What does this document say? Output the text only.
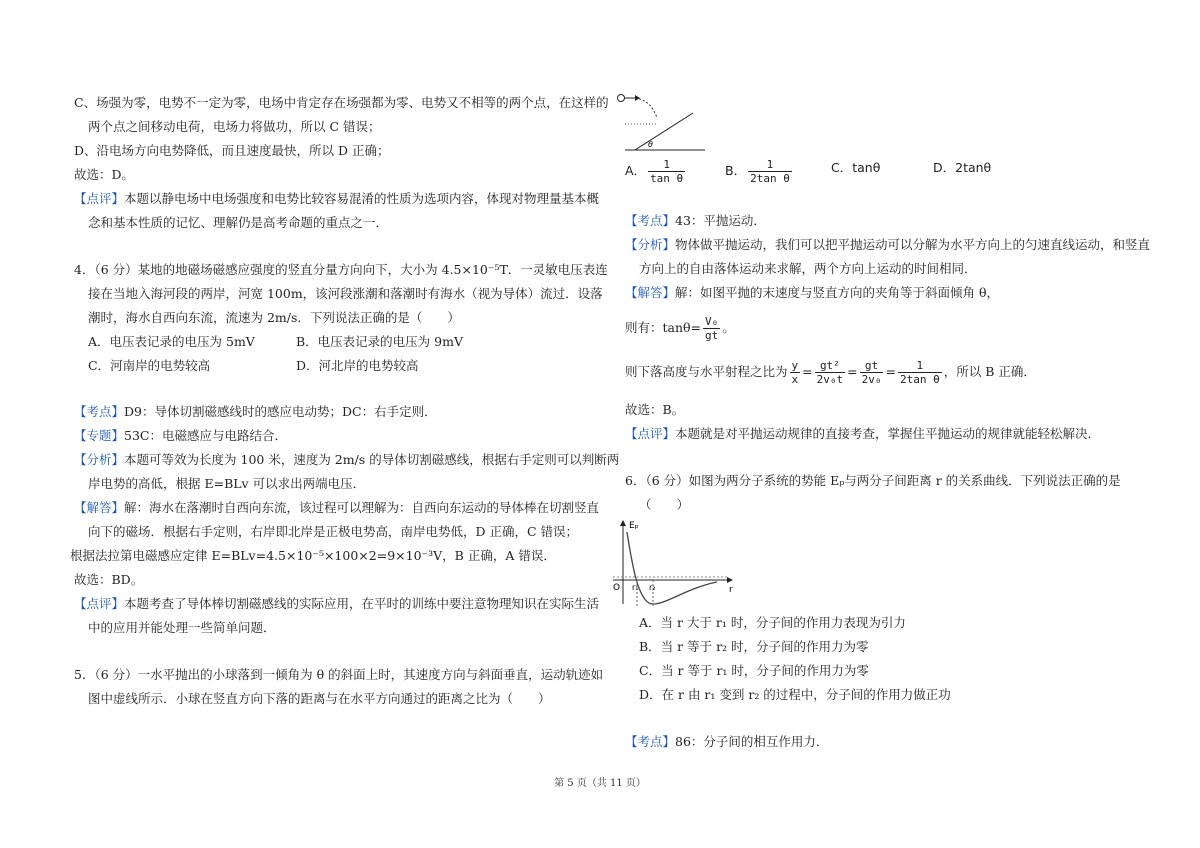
C、场强为零，电势不一定为零，电场中肯定存在场强都为零、电势又不相等的两个点，在这样的
两个点之间移动电荷，电场力将做功，所以 C 错误；
D、沿电场方向电势降低，而且速度最快，所以 D 正确；
故选：D。
【点评】本题以静电场中电场强度和电势比较容易混淆的性质为选项内容，体现对物理量基本概
念和基本性质的记忆、理解仍是高考命题的重点之一．
4．（6 分）某地的地磁场磁感应强度的竖直分量方向向下，大小为 4.5×10⁻⁵T．一灵敏电压表连
接在当地入海河段的两岸，河宽 100m，该河段涨潮和落潮时有海水（视为导体）流过．设落
潮时，海水自西向东流，流速为 2m/s．下列说法正确的是（　　）
A．电压表记录的电压为 5mV	B．电压表记录的电压为 9mV
C．河南岸的电势较高	D．河北岸的电势较高
【考点】D9：导体切割磁感线时的感应电动势；DC：右手定则．
【专题】53C：电磁感应与电路结合．
【分析】本题可等效为长度为 100 米，速度为 2m/s 的导体切割磁感线，根据右手定则可以判断两
岸电势的高低，根据 E=BLv 可以求出两端电压．
【解答】解：海水在落潮时自西向东流，该过程可以理解为：自西向东运动的导体棒在切割竖直
向下的磁场．根据右手定则，右岸即北岸是正极电势高，南岸电势低，D 正确，C 错误；
根据法拉第电磁感应定律 E=BLv=4.5×10⁻⁵×100×2=9×10⁻³V，B 正确，A 错误．
故选：BD。
【点评】本题考查了导体棒切割磁感线的实际应用，在平时的训练中要注意物理知识在实际生活
中的应用并能处理一些简单问题．
5．（6 分）一水平抛出的小球落到一倾角为 θ 的斜面上时，其速度方向与斜面垂直，运动轨迹如
图中虚线所示．小球在竖直方向下落的距离与在水平方向通过的距离之比为（　　）
θ
A． $\frac{1}{\text{tan θ}}$	B． $\frac{1}{\text{2tan θ}}$	C．tanθ	D．2tanθ
【考点】43：平抛运动．
【分析】物体做平抛运动，我们可以把平抛运动可以分解为水平方向上的匀速直线运动，和竖直
方向上的自由落体运动来求解，两个方向上运动的时间相同．
【解答】解：如图平抛的末速度与竖直方向的夹角等于斜面倾角 θ，
则有：$\tan\theta= \frac{\text{V₀}}{gt}$ 。
则下落高度与水平射程之比为 $\frac{y}{x} = \frac{\text{gt²}}{\text{2v₀t}} = \frac{gt}{\text{2v₀}} = \frac{1}{\text{2tan θ}}$ ，所以 B 正确．
故选：B。
【点评】本题就是对平抛运动规律的直接考查，掌握住平抛运动的规律就能轻松解决．
6．（6 分）如图为两分子系统的势能 Eₚ与两分子间距离 r 的关系曲线．下列说法正确的是
（　　）
Eₚ
O r₁ r₂	r
A．当 r 大于 r₁ 时，分子间的作用力表现为引力
B．当 r 等于 r₂ 时，分子间的作用力为零
C．当 r 等于 r₁ 时，分子间的作用力为零
D．在 r 由 r₁ 变到 r₂ 的过程中，分子间的作用力做正功
【考点】86：分子间的相互作用力．
第 5 页（共 11 页）
